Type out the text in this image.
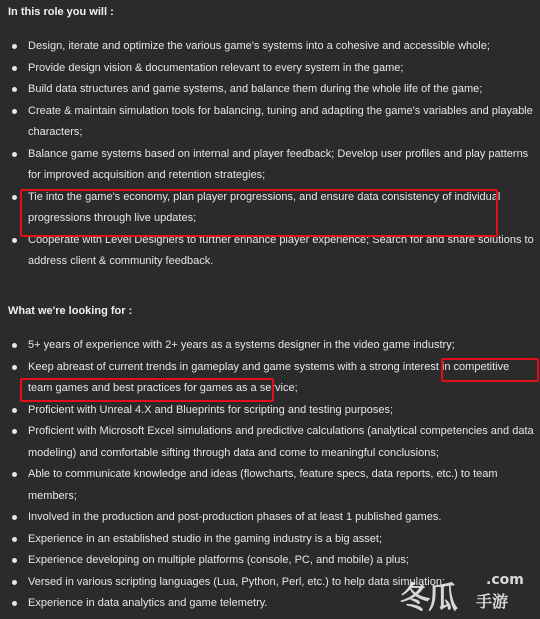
In this role you will :
Design, iterate and optimize the various game's systems into a cohesive and accessible whole;
Provide design vision & documentation relevant to every system in the game;
Build data structures and game systems, and balance them during the whole life of the game;
Create & maintain simulation tools for balancing, tuning and adapting the game's variables and playable characters;
Balance game systems based on internal and player feedback; Develop user profiles and play patterns for improved acquisition and retention strategies;
Tie into the game's economy, plan player progressions, and ensure data consistency of individual progressions through live updates;
Cooperate with Level Designers to further enhance player experience; Search for and share solutions to address client & community feedback.
What we're looking for :
5+ years of experience with 2+ years as a systems designer in the video game industry;
Keep abreast of current trends in gameplay and game systems with a strong interest in competitive team games and best practices for games as a service;
Proficient with Unreal 4.X and Blueprints for scripting and testing purposes;
Proficient with Microsoft Excel simulations and predictive calculations (analytical competencies and data modeling) and comfortable sifting through data and come to meaningful conclusions;
Able to communicate knowledge and ideas (flowcharts, feature specs, data reports, etc.) to team members;
Involved in the production and post-production phases of at least 1 published games.
Experience in an established studio in the gaming industry is a big asset;
Experience developing on multiple platforms (console, PC, and mobile) a plus;
Versed in various scripting languages (Lua, Python, Perl, etc.) to help data simulation;
Experience in data analytics and game telemetry.	冬瓜
.com
手游
